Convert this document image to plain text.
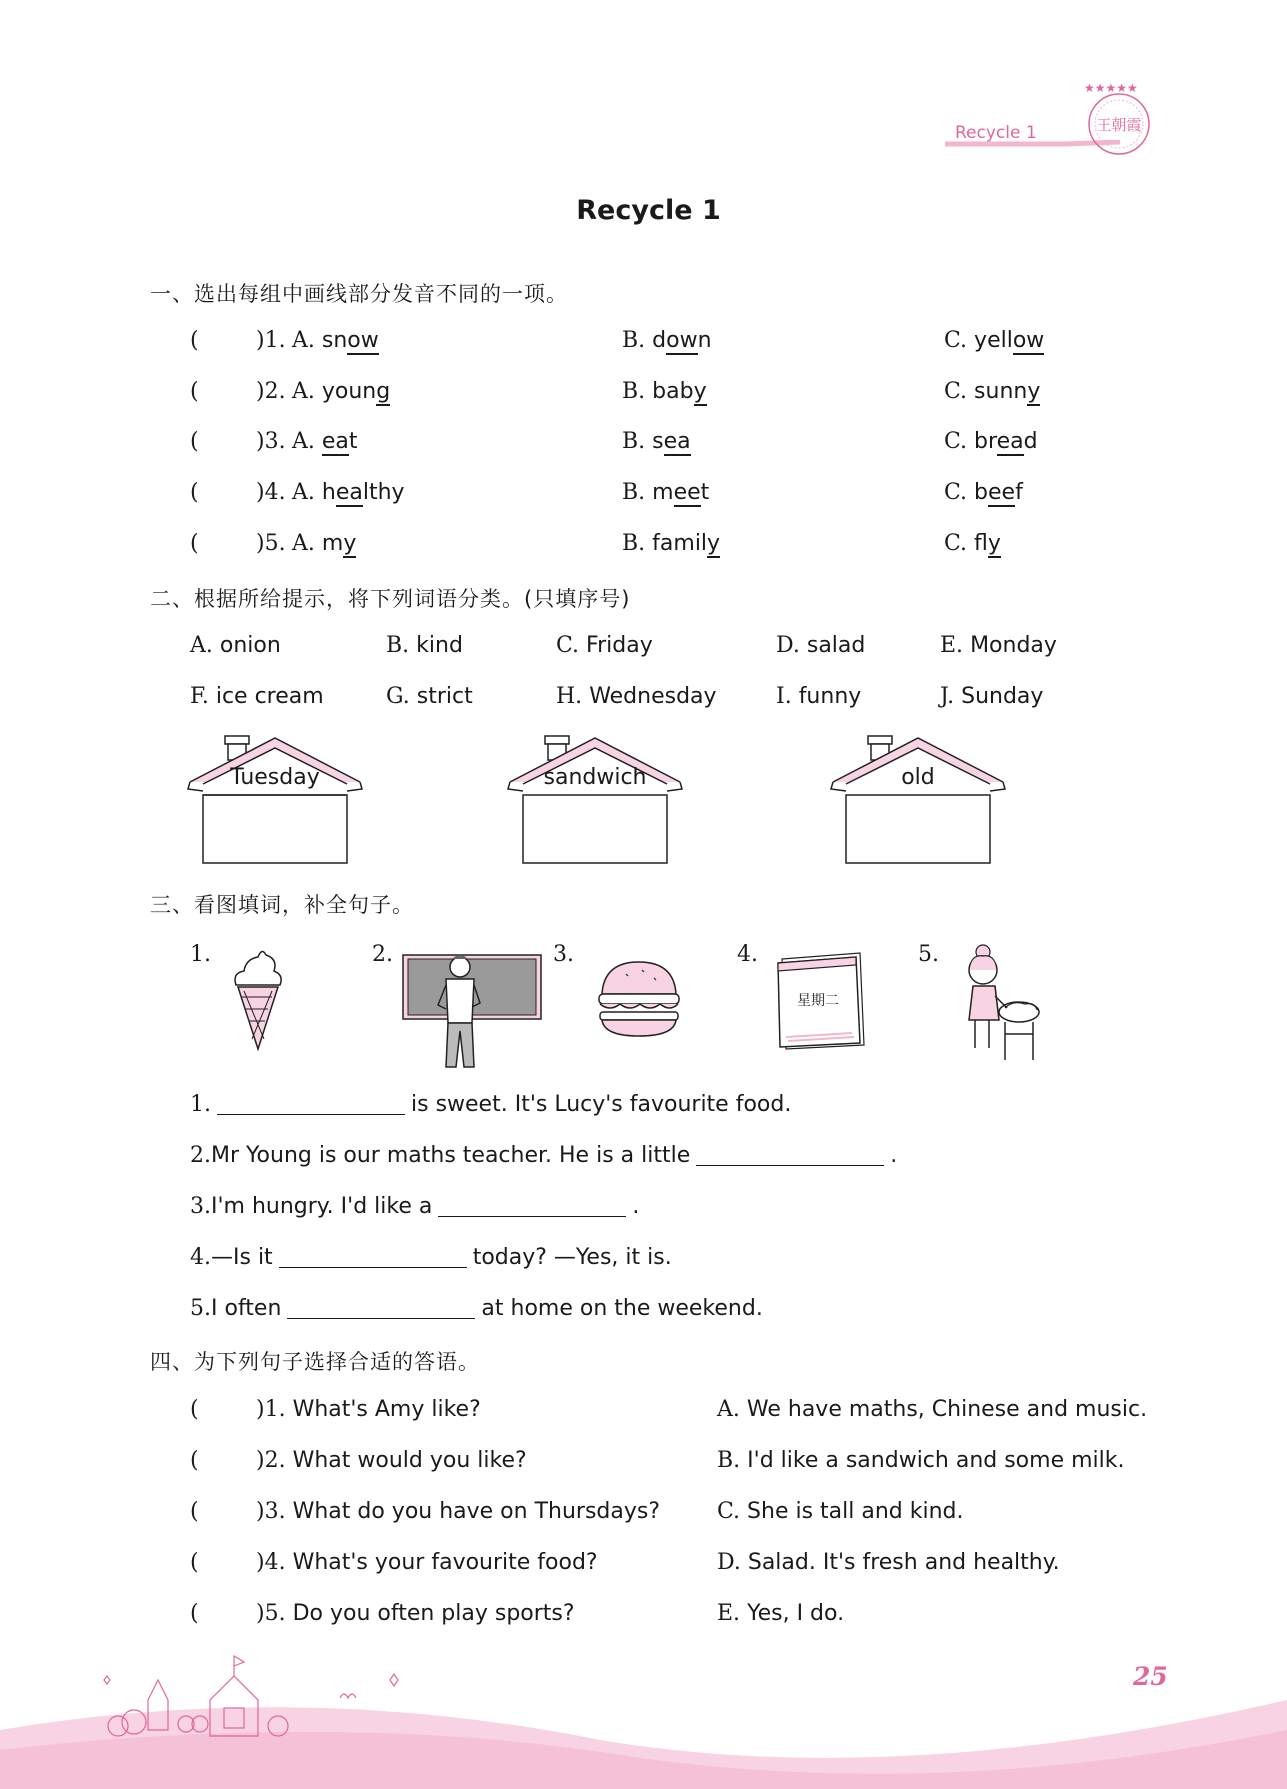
Recycle 1
★★★★★
王朝霞
Recycle 1
一、选出每组中画线部分发音不同的一项。
(	)1. A. snow	B. down	C. yellow
(	)2. A. young	B. baby	C. sunny
(	)3. A. eat	B. sea	C. bread
(	)4. A. healthy	B. meet	C. beef
(	)5. A. my	B. family	C. fly
二、根据所给提示，将下列词语分类。(只填序号)
A. onion	B. kind	C. Friday	D. salad	E. Monday
F. ice cream	G. strict	H. Wednesday	I. funny	J. Sunday
Tuesday	sandwich	old
三、看图填词，补全句子。
1.	2.	3.	4.	5.
星期二
1.	is sweet. It's Lucy's favourite food.
2.Mr Young is our maths teacher. He is a little	.
3.I'm hungry. I'd like a	.
4.—Is it	today? —Yes, it is.
5.I often	at home on the weekend.
四、为下列句子选择合适的答语。
(	)1. What's Amy like?	A. We have maths, Chinese and music.
(	)2. What would you like?	B. I'd like a sandwich and some milk.
(	)3. What do you have on Thursdays?	C. She is tall and kind.
(	)4. What's your favourite food?	D. Salad. It's fresh and healthy.
(	)5. Do you often play sports?	E. Yes, I do.
25
